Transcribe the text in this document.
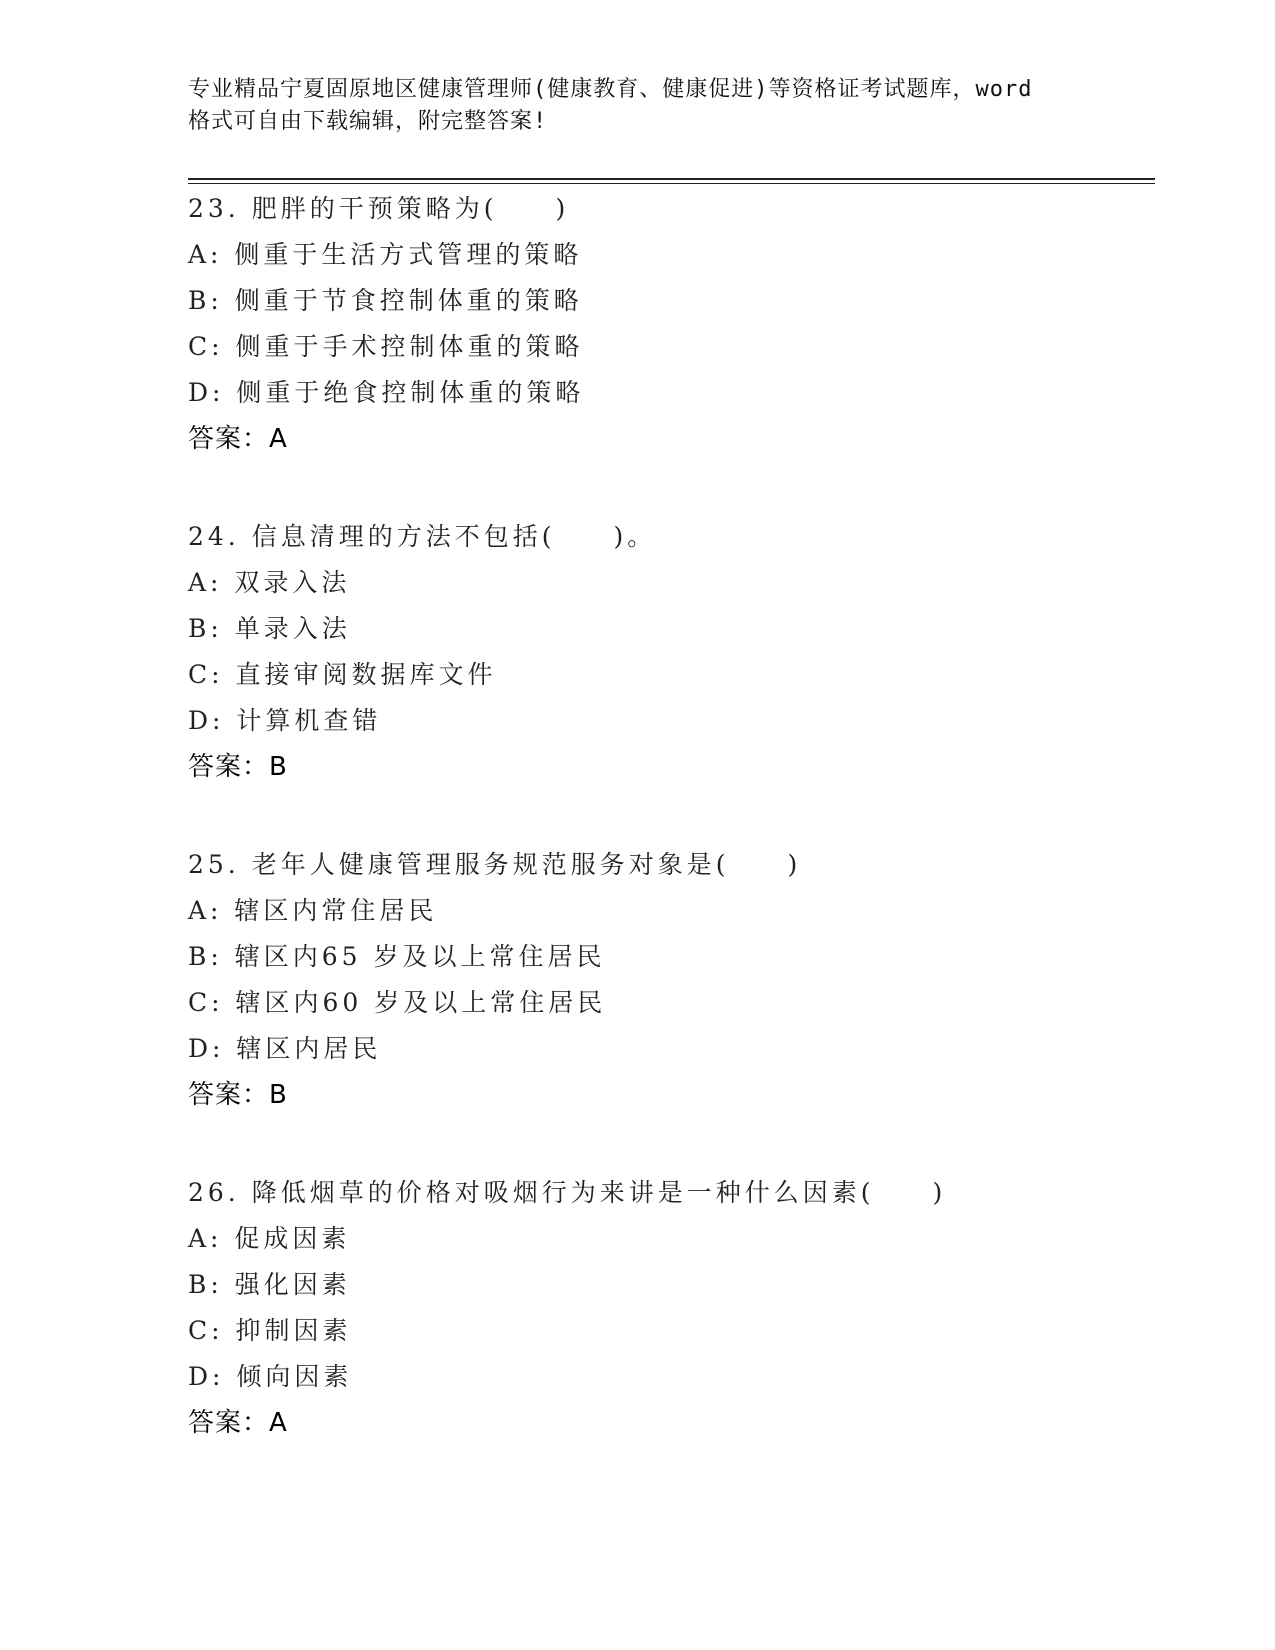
专业精品宁夏固原地区健康管理师(健康教育、健康促进)等资格证考试题库，word
格式可自由下载编辑，附完整答案!
23. 肥胖的干预策略为(　　)
A: 侧重于生活方式管理的策略
B: 侧重于节食控制体重的策略
C: 侧重于手术控制体重的策略
D: 侧重于绝食控制体重的策略
答案：A
24. 信息清理的方法不包括(　　)。
A: 双录入法
B: 单录入法
C: 直接审阅数据库文件
D: 计算机查错
答案：B
25. 老年人健康管理服务规范服务对象是(　　)
A: 辖区内常住居民
B: 辖区内65 岁及以上常住居民
C: 辖区内60 岁及以上常住居民
D: 辖区内居民
答案：B
26. 降低烟草的价格对吸烟行为来讲是一种什么因素(　　)
A: 促成因素
B: 强化因素
C: 抑制因素
D: 倾向因素
答案：A
